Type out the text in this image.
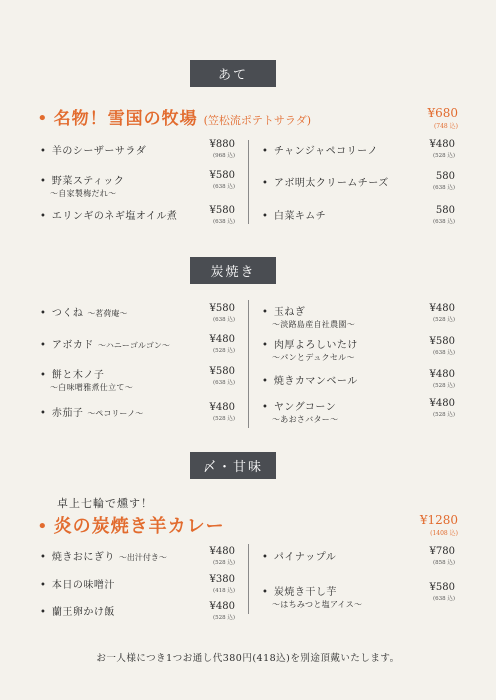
あて
• 名物！雪国の牧場 (笠松流ポテトサラダ)
¥680
(748 込)
• 羊のシーザーサラダ
¥880
(968 込)
• 野菜スティック
〜自家製梅だれ〜
¥580
(638 込)
• エリンギのネギ塩オイル煮
¥580
(638 込)
• チャンジャペコリーノ
¥480
(528 込)
• アボ明太クリームチーズ
580
(638 込)
• 白菜キムチ
580
(638 込)
炭焼き
• つくね 〜茗荷庵〜	¥580
(638 込)
• アボカド 〜ハニーゴルゴン〜
¥480
(528 込)
• 餅と木ノ子
〜白味噌雅煮仕立て〜
¥580
(638 込)
• 赤茄子 〜ペコリーノ〜
¥480
(528 込)
• 玉ねぎ
〜淡路島産自社農園〜
¥480
(528 込)
• 肉厚よろしいたけ
〜パンとデュクセル〜
¥580
(638 込)
• 焼きカマンベール
¥480
(528 込)
• ヤングコーン
〜あおさバター〜
¥480
(528 込)
〆・甘味
卓上七輪で燻す！
• 炎の炭焼き羊カレー	¥1280
(1408 込)
• 焼きおにぎり 〜出汁付き〜
¥480
(528 込)
• 本日の味噌汁
¥380
(418 込)
• 蘭王卵かけ飯
¥480
(528 込)
• パイナップル
¥780
(858 込)
• 炭焼き干し芋
〜はちみつと塩アイス〜
¥580
(638 込)
お一人様につき1つお通し代380円(418込)を別途頂戴いたします。
